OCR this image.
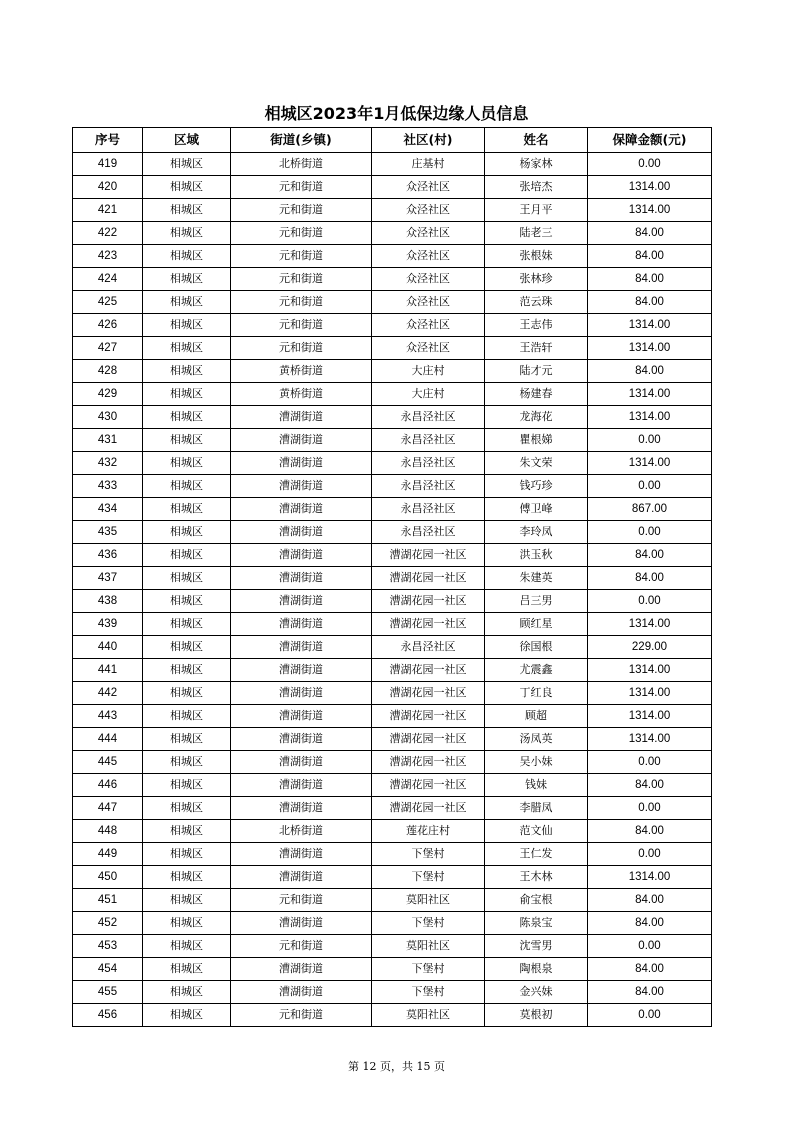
相城区2023年1月低保边缘人员信息
序号	区域	街道(乡镇)	社区(村)	姓名	保障金额(元)
419	相城区	北桥街道	庄基村	杨家林	0.00
420	相城区	元和街道	众泾社区	张培杰	1314.00
421	相城区	元和街道	众泾社区	王月平	1314.00
422	相城区	元和街道	众泾社区	陆老三	84.00
423	相城区	元和街道	众泾社区	张根妹	84.00
424	相城区	元和街道	众泾社区	张林珍	84.00
425	相城区	元和街道	众泾社区	范云珠	84.00
426	相城区	元和街道	众泾社区	王志伟	1314.00
427	相城区	元和街道	众泾社区	王浩轩	1314.00
428	相城区	黄桥街道	大庄村	陆才元	84.00
429	相城区	黄桥街道	大庄村	杨建春	1314.00
430	相城区	漕湖街道	永昌泾社区	龙海花	1314.00
431	相城区	漕湖街道	永昌泾社区	瞿根娣	0.00
432	相城区	漕湖街道	永昌泾社区	朱文荣	1314.00
433	相城区	漕湖街道	永昌泾社区	钱巧珍	0.00
434	相城区	漕湖街道	永昌泾社区	傅卫峰	867.00
435	相城区	漕湖街道	永昌泾社区	李玲凤	0.00
436	相城区	漕湖街道	漕湖花园一社区	洪玉秋	84.00
437	相城区	漕湖街道	漕湖花园一社区	朱建英	84.00
438	相城区	漕湖街道	漕湖花园一社区	吕三男	0.00
439	相城区	漕湖街道	漕湖花园一社区	顾红星	1314.00
440	相城区	漕湖街道	永昌泾社区	徐国根	229.00
441	相城区	漕湖街道	漕湖花园一社区	尤震鑫	1314.00
442	相城区	漕湖街道	漕湖花园一社区	丁红良	1314.00
443	相城区	漕湖街道	漕湖花园一社区	顾超	1314.00
444	相城区	漕湖街道	漕湖花园一社区	汤凤英	1314.00
445	相城区	漕湖街道	漕湖花园一社区	吴小妹	0.00
446	相城区	漕湖街道	漕湖花园一社区	钱妹	84.00
447	相城区	漕湖街道	漕湖花园一社区	李腊凤	0.00
448	相城区	北桥街道	莲花庄村	范文仙	84.00
449	相城区	漕湖街道	下堡村	王仁发	0.00
450	相城区	漕湖街道	下堡村	王木林	1314.00
451	相城区	元和街道	莫阳社区	俞宝根	84.00
452	相城区	漕湖街道	下堡村	陈泉宝	84.00
453	相城区	元和街道	莫阳社区	沈雪男	0.00
454	相城区	漕湖街道	下堡村	陶根泉	84.00
455	相城区	漕湖街道	下堡村	金兴妹	84.00
456	相城区	元和街道	莫阳社区	莫根初	0.00
第 12 页，共 15 页
